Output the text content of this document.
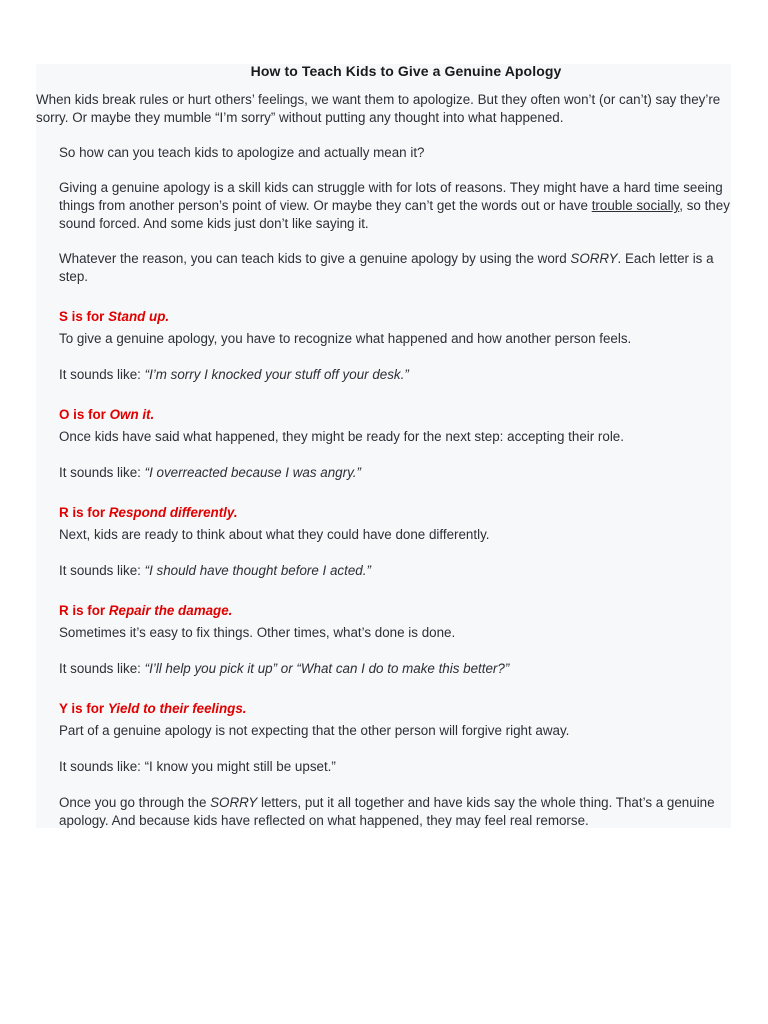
How to Teach Kids to Give a Genuine Apology

When kids break rules or hurt others’ feelings, we want them to apologize. But they often won’t (or can’t) say they’re sorry. Or maybe they mumble “I’m sorry” without putting any thought into what happened.

So how can you teach kids to apologize and actually mean it?

Giving a genuine apology is a skill kids can struggle with for lots of reasons. They might have a hard time seeing things from another person’s point of view. Or maybe they can’t get the words out or have trouble socially, so they sound forced. And some kids just don’t like saying it.

Whatever the reason, you can teach kids to give a genuine apology by using the word SORRY. Each letter is a step.

S is for Stand up.

To give a genuine apology, you have to recognize what happened and how another person feels.

It sounds like: “I’m sorry I knocked your stuff off your desk.”

O is for Own it.

Once kids have said what happened, they might be ready for the next step: accepting their role.

It sounds like: “I overreacted because I was angry.”

R is for Respond differently.

Next, kids are ready to think about what they could have done differently.

It sounds like: “I should have thought before I acted.”

R is for Repair the damage.

Sometimes it’s easy to fix things. Other times, what’s done is done.

It sounds like: “I’ll help you pick it up” or “What can I do to make this better?”

Y is for Yield to their feelings.

Part of a genuine apology is not expecting that the other person will forgive right away.

It sounds like: “I know you might still be upset.”

Once you go through the SORRY letters, put it all together and have kids say the whole thing. That’s a genuine apology. And because kids have reflected on what happened, they may feel real remorse.
